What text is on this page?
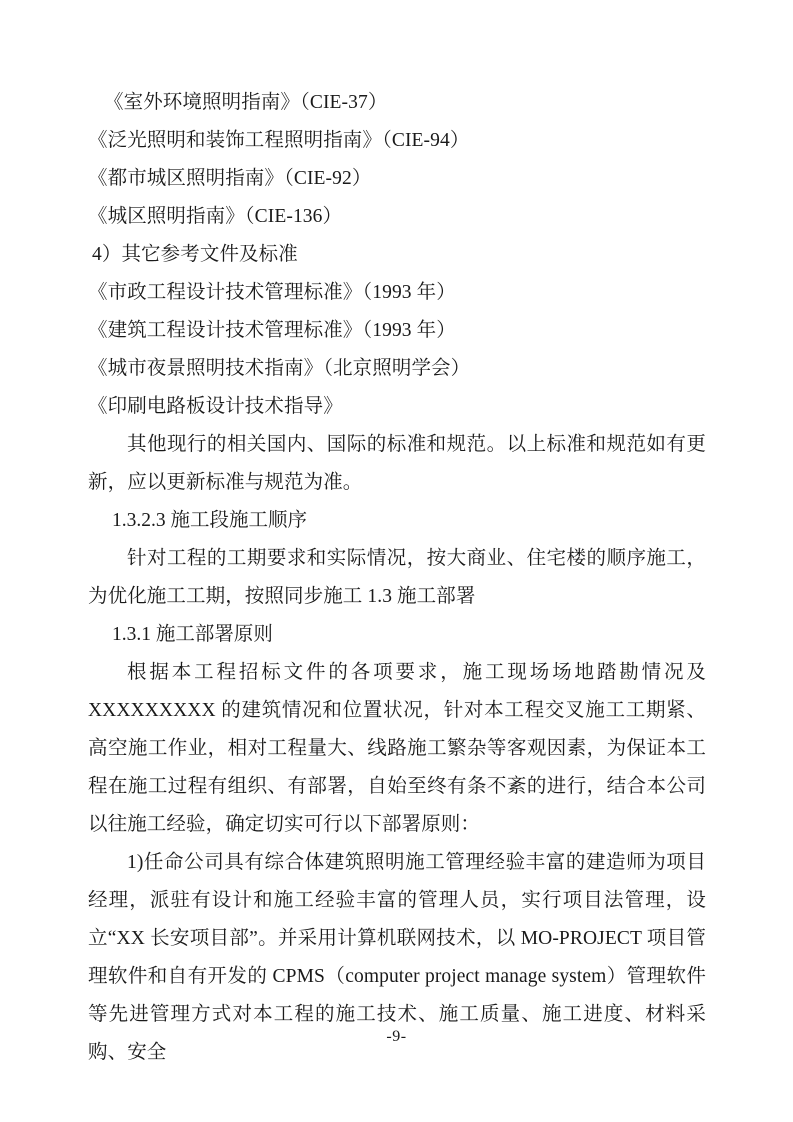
《室外环境照明指南》（CIE-37）
《泛光照明和装饰工程照明指南》（CIE-94）
《都市城区照明指南》（CIE-92）
《城区照明指南》（CIE-136）
4）其它参考文件及标准
《市政工程设计技术管理标准》（1993 年）
《建筑工程设计技术管理标准》（1993 年）
《城市夜景照明技术指南》（北京照明学会）
《印刷电路板设计技术指导》

其他现行的相关国内、国际的标准和规范。以上标准和规范如有更新，应以更新标准与规范为准。

1.3.2.3 施工段施工顺序

针对工程的工期要求和实际情况，按大商业、住宅楼的顺序施工，为优化施工工期，按照同步施工 1.3 施工部署

1.3.1 施工部署原则

根据本工程招标文件的各项要求，施工现场场地踏勘情况及 XXXXXXXXX 的建筑情况和位置状况，针对本工程交叉施工工期紧、高空施工作业，相对工程量大、线路施工繁杂等客观因素，为保证本工程在施工过程有组织、有部署，自始至终有条不紊的进行，结合本公司以往施工经验，确定切实可行以下部署原则：

1)任命公司具有综合体建筑照明施工管理经验丰富的建造师为项目经理，派驻有设计和施工经验丰富的管理人员，实行项目法管理，设立“XX 长安项目部”。并采用计算机联网技术，以 MO-PROJECT 项目管理软件和自有开发的 CPMS（computer project manage system）管理软件等先进管理方式对本工程的施工技术、施工质量、施工进度、材料采购、安全

-9-
